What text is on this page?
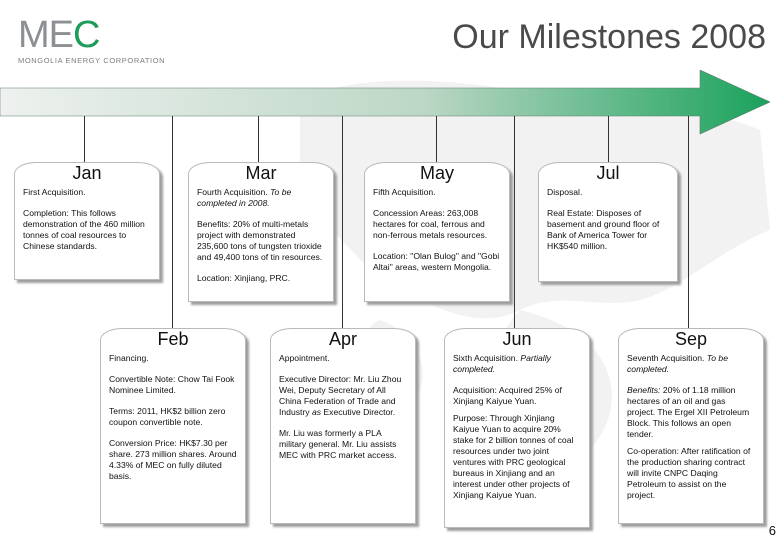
MEC
MONGOLIA ENERGY CORPORATION
Our Milestones 2008
Jan

First Acquisition.

Completion: This follows demonstration of the 460 million tonnes of coal resources to Chinese standards.

Mar

Fourth Acquisition. To be completed in 2008.

Benefits: 20% of multi-metals project with demonstrated 235,600 tons of tungsten trioxide and 49,400 tons of tin resources.

Location: Xinjiang, PRC.

May

Fifth Acquisition.

Concession Areas: 263,008 hectares for coal, ferrous and non-ferrous metals resources.

Location: "Olan Bulog" and "Gobi Altai" areas, western Mongolia.

Jul

Disposal.

Real Estate: Disposes of basement and ground floor of Bank of America Tower for HK$540 million.

Feb

Financing.

Convertible Note: Chow Tai Fook Nominee Limited.

Terms: 2011, HK$2 billion zero coupon convertible note.

Conversion Price: HK$7.30 per share. 273 million shares. Around 4.33% of MEC on fully diluted basis.

Apr

Appointment.

Executive Director: Mr. Liu Zhou Wei, Deputy Secretary of All China Federation of Trade and Industry as Executive Director.

Mr. Liu was formerly a PLA military general. Mr. Liu assists MEC with PRC market access.

Jun

Sixth Acquisition. Partially completed.

Acquisition: Acquired 25% of Xinjiang Kaiyue Yuan.

Purpose: Through Xinjiang Kaiyue Yuan to acquire 20% stake for 2 billion tonnes of coal resources under two joint ventures with PRC geological bureaus in Xinjiang and an interest under other projects of Xinjiang Kaiyue Yuan.

Sep

Seventh Acquisition. To be completed.

Benefits: 20% of 1.18 million hectares of an oil and gas project. The Ergel XII Petroleum Block. This follows an open tender.

Co-operation: After ratification of the production sharing contract will invite CNPC Daqing Petroleum to assist on the project.

6
